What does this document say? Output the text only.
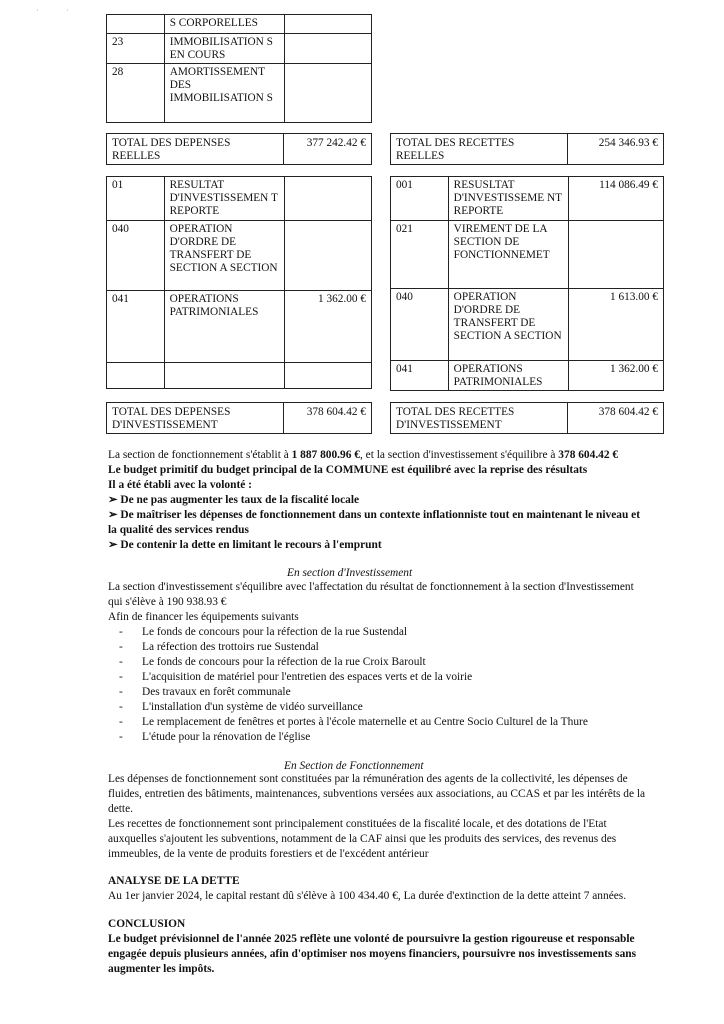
·	·
	S CORPORELLES	
23	IMMOBILISATION S EN COURS	
28	AMORTISSEMENT DES IMMOBILISATION S	
TOTAL DES DEPENSES REELLES	377 242.42 €	TOTAL DES RECETTES REELLES	254 346.93 €
01	RESULTAT D'INVESTISSEMEN T REPORTE	
040	OPERATION D'ORDRE DE TRANSFERT DE SECTION A SECTION	
041	OPERATIONS PATRIMONIALES	1 362.00 €

001	RESUSLTAT D'INVESTISSEME NT REPORTE	114 086.49 €
021	VIREMENT DE LA SECTION DE FONCTIONNEMET	
040	OPERATION D'ORDRE DE TRANSFERT DE SECTION A SECTION	1 613.00 €
041	OPERATIONS PATRIMONIALES	1 362.00 €
TOTAL DES DEPENSES D'INVESTISSEMENT	378 604.42 €	TOTAL DES RECETTES D'INVESTISSEMENT	378 604.42 €
La section de fonctionnement s'établit à 1 887 800.96 €, et la section d'investissement s'équilibre à 378 604.42 €
Le budget primitif du budget principal de la COMMUNE est équilibré avec la reprise des résultats
Il a été établi avec la volonté :
➢ De ne pas augmenter les taux de la fiscalité locale
➢ De maîtriser les dépenses de fonctionnement dans un contexte inflationniste tout en maintenant le niveau et
la qualité des services rendus
➢ De contenir la dette en limitant le recours à l'emprunt
En section d'Investissement
La section d'investissement s'équilibre avec l'affectation du résultat de fonctionnement à la section d'Investissement
qui s'élève à 190 938.93 €
Afin de financer les équipements suivants
- Le fonds de concours pour la réfection de la rue Sustendal
- La réfection des trottoirs rue Sustendal
- Le fonds de concours pour la réfection de la rue Croix Baroult
- L'acquisition de matériel pour l'entretien des espaces verts et de la voirie
- Des travaux en forêt communale
- L'installation d'un système de vidéo surveillance
- Le remplacement de fenêtres et portes à l'école maternelle et au Centre Socio Culturel de la Thure
- L'étude pour la rénovation de l'église
En Section de Fonctionnement
Les dépenses de fonctionnement sont constituées par la rémunération des agents de la collectivité, les dépenses de
fluides, entretien des bâtiments, maintenances, subventions versées aux associations, au CCAS et par les intérêts de la
dette.
Les recettes de fonctionnement sont principalement constituées de la fiscalité locale, et des dotations de l'Etat
auxquelles s'ajoutent les subventions, notamment de la CAF ainsi que les produits des services, des revenus des
immeubles, de la vente de produits forestiers et de l'excédent antérieur
ANALYSE DE LA DETTE
Au 1er janvier 2024, le capital restant dû s'élève à 100 434.40 €, La durée d'extinction de la dette atteint 7 années.
CONCLUSION
Le budget prévisionnel de l'année 2025 reflète une volonté de poursuivre la gestion rigoureuse et responsable
engagée depuis plusieurs années, afin d'optimiser nos moyens financiers, poursuivre nos investissements sans
augmenter les impôts.
